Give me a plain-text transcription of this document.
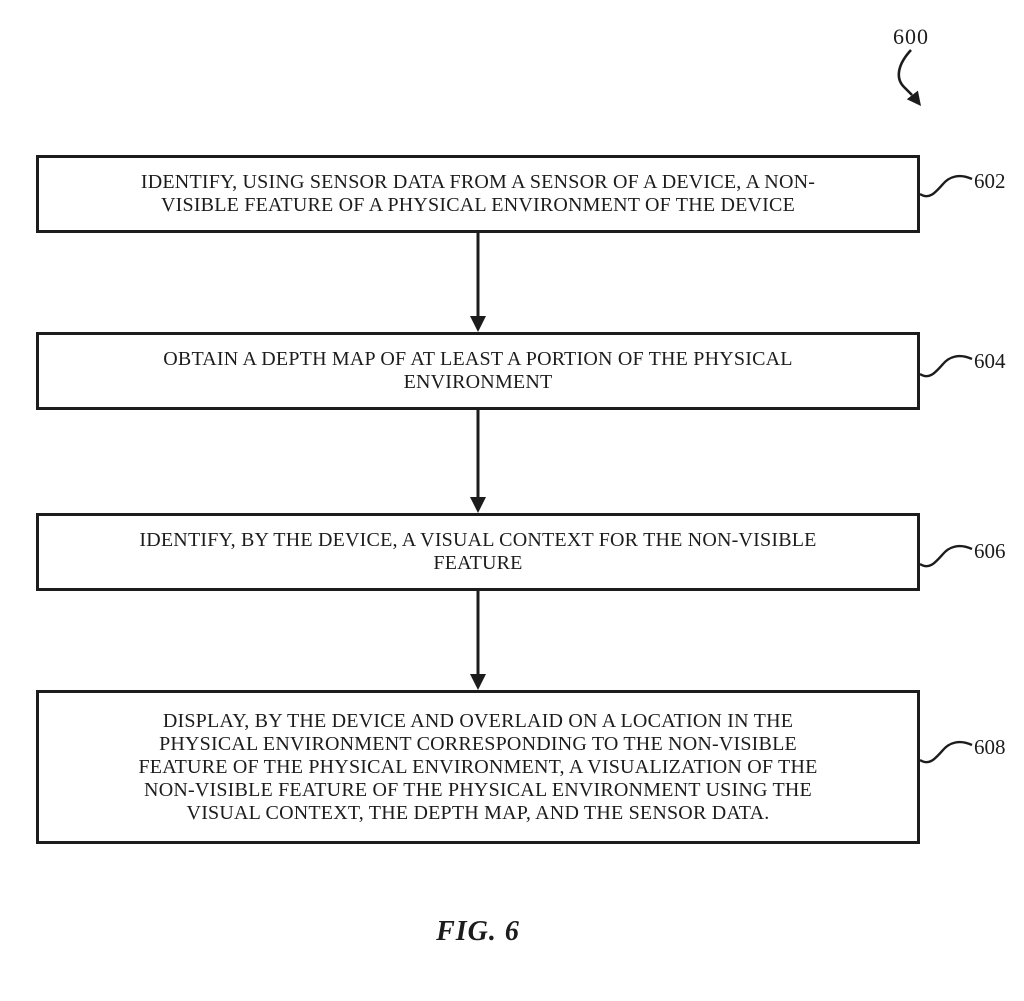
600
IDENTIFY, USING SENSOR DATA FROM A SENSOR OF A DEVICE, A NON-
VISIBLE FEATURE OF A PHYSICAL ENVIRONMENT OF THE DEVICE
OBTAIN A DEPTH MAP OF AT LEAST A PORTION OF THE PHYSICAL
ENVIRONMENT
IDENTIFY, BY THE DEVICE, A VISUAL CONTEXT FOR THE NON-VISIBLE
FEATURE
DISPLAY, BY THE DEVICE AND OVERLAID ON A LOCATION IN THE
PHYSICAL ENVIRONMENT CORRESPONDING TO THE NON-VISIBLE
FEATURE OF THE PHYSICAL ENVIRONMENT, A VISUALIZATION OF THE
NON-VISIBLE FEATURE OF THE PHYSICAL ENVIRONMENT USING THE
VISUAL CONTEXT, THE DEPTH MAP, AND THE SENSOR DATA.
602
604
606
608
FIG. 6
